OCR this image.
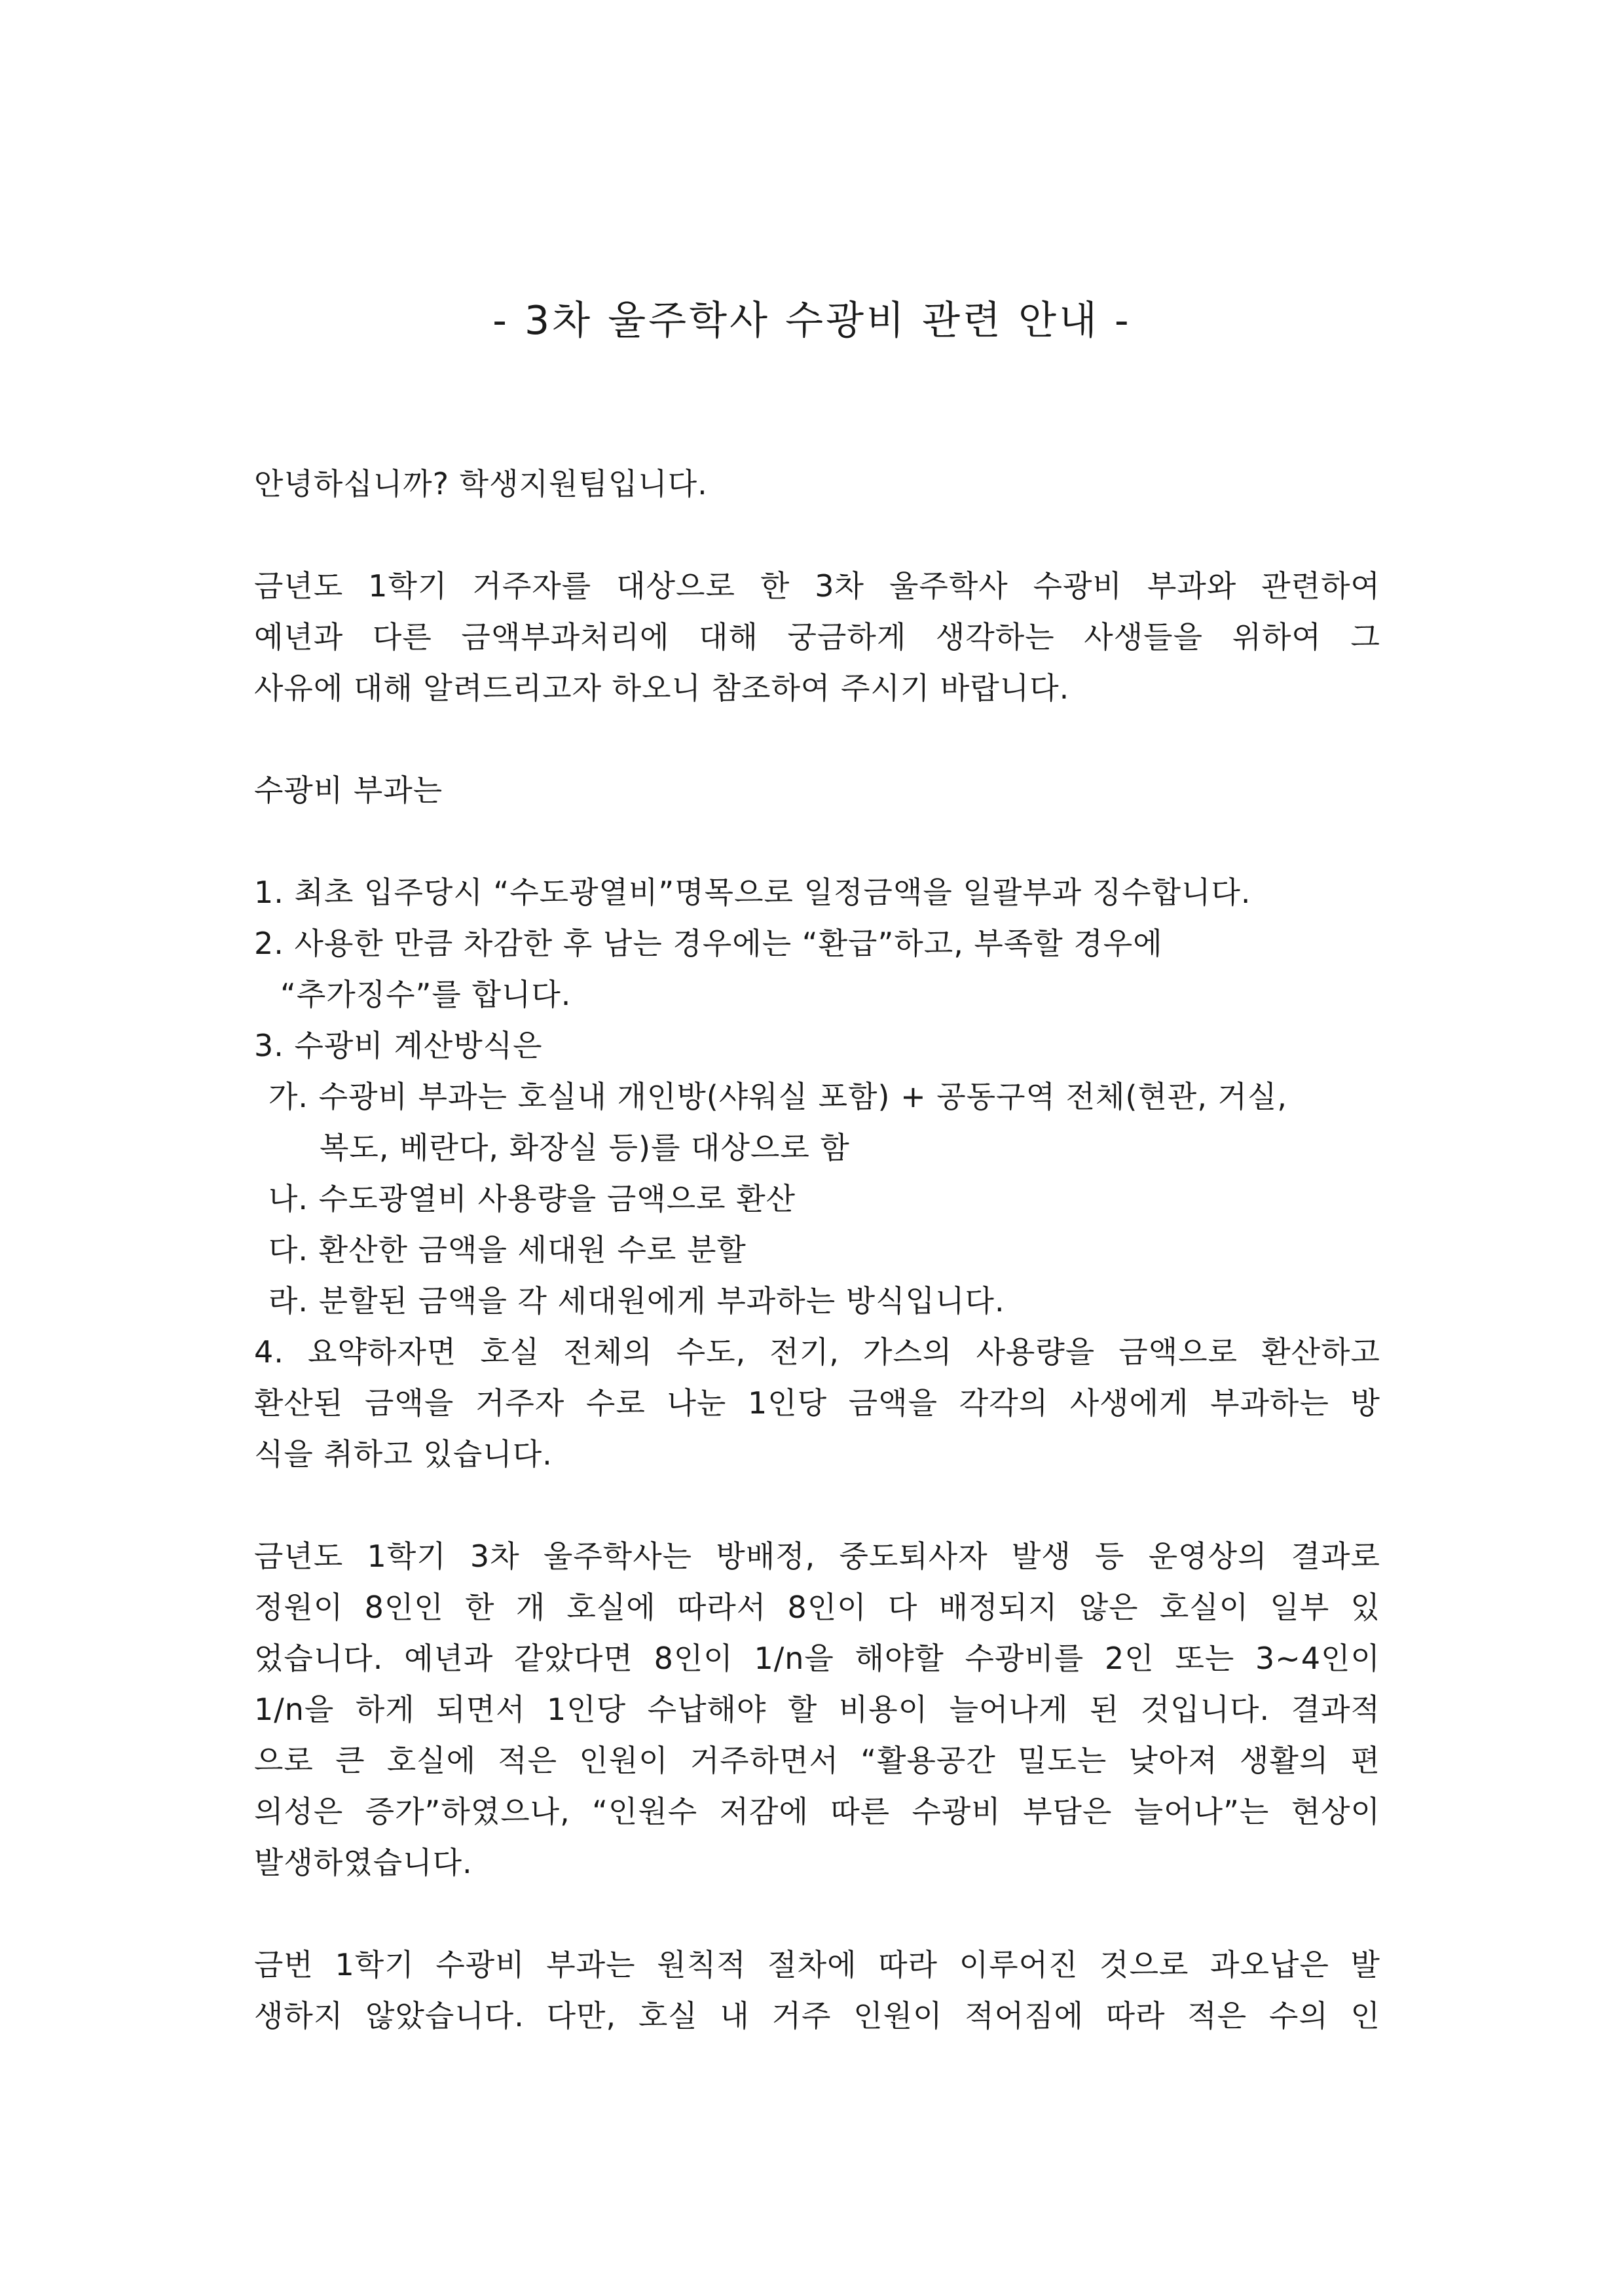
- 3차 울주학사 수광비 관련 안내 -

안녕하십니까? 학생지원팀입니다.

금년도 1학기 거주자를 대상으로 한 3차 울주학사 수광비 부과와 관련하여
예년과 다른 금액부과처리에 대해 궁금하게 생각하는 사생들을 위하여 그
사유에 대해 알려드리고자 하오니 참조하여 주시기 바랍니다.

수광비 부과는

1. 최초 입주당시 “수도광열비”명목으로 일정금액을 일괄부과 징수합니다.
2. 사용한 만큼 차감한 후 남는 경우에는 “환급”하고, 부족할 경우에
“추가징수”를 합니다.
3. 수광비 계산방식은
가. 수광비 부과는 호실내 개인방(샤워실 포함) + 공동구역 전체(현관, 거실,
복도, 베란다, 화장실 등)를 대상으로 함
나. 수도광열비 사용량을 금액으로 환산
다. 환산한 금액을 세대원 수로 분할
라. 분할된 금액을 각 세대원에게 부과하는 방식입니다.
4. 요약하자면 호실 전체의 수도, 전기, 가스의 사용량을 금액으로 환산하고
환산된 금액을 거주자 수로 나눈 1인당 금액을 각각의 사생에게 부과하는 방
식을 취하고 있습니다.

금년도 1학기 3차 울주학사는 방배정, 중도퇴사자 발생 등 운영상의 결과로
정원이 8인인 한 개 호실에 따라서 8인이 다 배정되지 않은 호실이 일부 있
었습니다. 예년과 같았다면 8인이 1/n을 해야할 수광비를 2인 또는 3~4인이
1/n을 하게 되면서 1인당 수납해야 할 비용이 늘어나게 된 것입니다. 결과적
으로 큰 호실에 적은 인원이 거주하면서 “활용공간 밀도는 낮아져 생활의 편
의성은 증가”하였으나, “인원수 저감에 따른 수광비 부담은 늘어나”는 현상이
발생하였습니다.

금번 1학기 수광비 부과는 원칙적 절차에 따라 이루어진 것으로 과오납은 발
생하지 않았습니다. 다만, 호실 내 거주 인원이 적어짐에 따라 적은 수의 인
